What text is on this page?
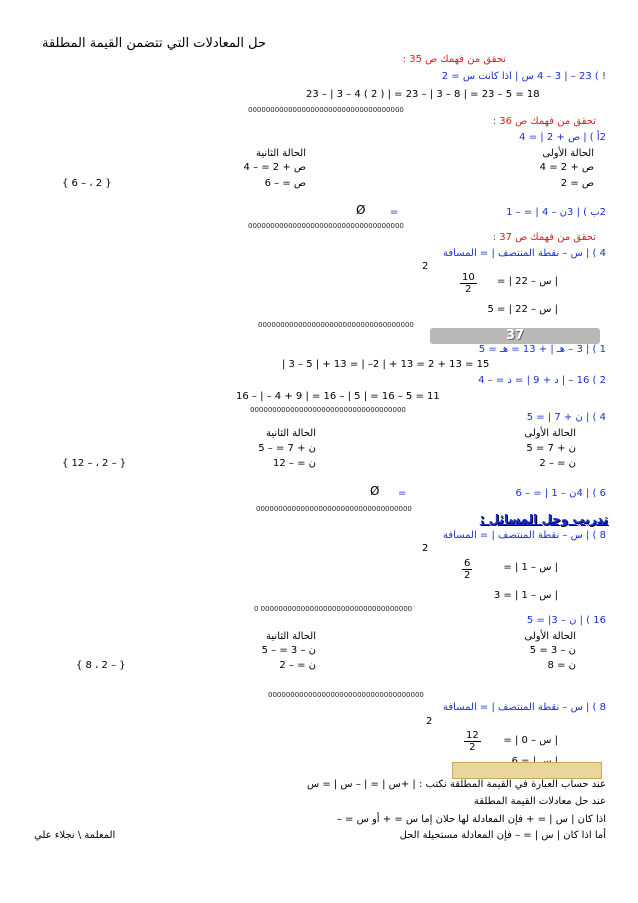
حل المعادلات التي تتضمن القيمة المطلقة
تحقق من فهمك ص 35 :
! ) 23 – | 3 – 4 س | اذا كانت س = 2
23 – | 3 – 4 ( 2 ) | = 23 – | 3 – 8 | = 23 – 5 = 18
00000000000000000000000000000000000
تحقق من فهمك ص 36 :
2أ ) | ص + 2 | = 4
الحالة الأولى
الحالة الثانية
ص + 2 = 4
ص + 2 = – 4
ص = 2
ص = – 6
{ 2 ، – 6 }
2ب ) | 3ن – 4 | = – 1
=
Ø
00000000000000000000000000000000000
تحقق من فهمك ص 37 :
4 ) | س – نقطة المنتصف | = المسافة
2
| س – 22 | =
$\frac{10}{2}$
| س – 22 | = 5
00000000000000000000000000000000000
37
1 ) | 3 – هـ | + 13 = هـ = 5
| 3 – 5 | + 13 = | –2 | + 13 = 2 + 13 = 15
2 ) 16 – | د + 9 | = د = – 4
16 – | – 4 + 9 | = 16 – | 5 | = 16 – 5 = 11
00000000000000000000000000000000000
4 ) | ن + 7 | = 5
الحالة الأولى
الحالة الثانية
ن + 7 = 5
ن + 7 = – 5
ن = – 2
ن = – 12
{ – 2 ، – 12 }
6 ) | 4ن – 1 | = – 6
=
Ø
00000000000000000000000000000000000
تدريب وحل المسائل :
8 ) | س – نقطة المنتصف | = المسافة
2
| س – 1 | =
$\frac{6}{2}$
| س – 1 | = 3
0 0000000000000000000000000000000000
16 ) | ن – 3| = 5
الحالة الأولى
الحالة الثانية
ن – 3 = 5
ن – 3 = – 5
ن = 8
ن = – 2
{ – 2 ، 8 }
00000000000000000000000000000000000
8 ) | س – نقطة المنتصف | = المسافة
2
| س – 0 | =
$\frac{12}{2}$
عند حساب العبارة في القيمة المطلقة نكتب : | +س | = | – س | = س
عند حل معادلات القيمة المطلقة
اذا كان | س | = + فإن المعادلة لها حلان إما س = + أو س = –
أما اذا كان | س | = – فإن المعادلة مستحيلة الحل
المعلمة \ نجلاء علي
